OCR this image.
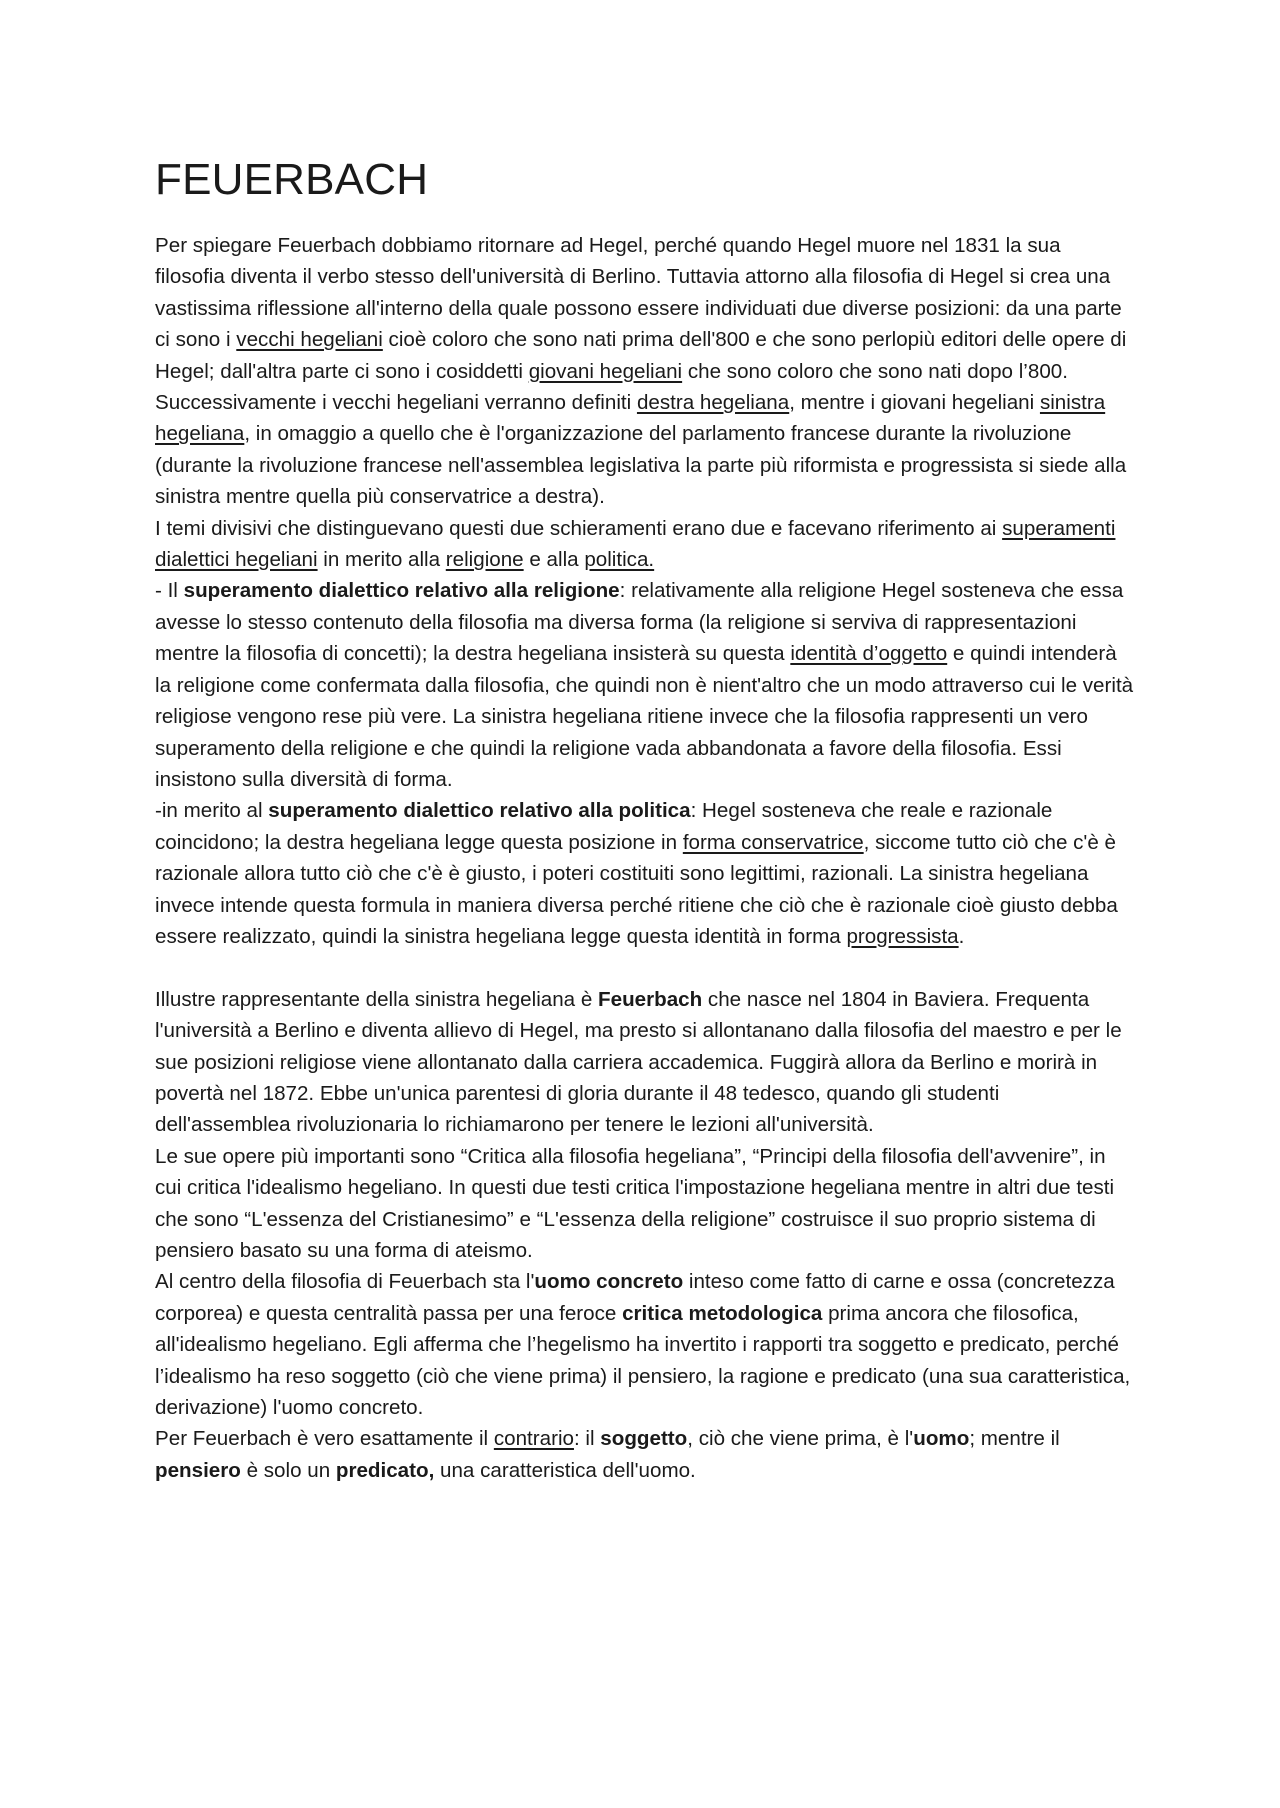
FEUERBACH

Per spiegare Feuerbach dobbiamo ritornare ad Hegel, perché quando Hegel muore nel 1831 la sua filosofia diventa il verbo stesso dell'università di Berlino. Tuttavia attorno alla filosofia di Hegel si crea una vastissima riflessione all'interno della quale possono essere individuati due diverse posizioni: da una parte ci sono i vecchi hegeliani cioè coloro che sono nati prima dell'800 e che sono perlopiù editori delle opere di Hegel; dall'altra parte ci sono i cosiddetti giovani hegeliani che sono coloro che sono nati dopo l’800. Successivamente i vecchi hegeliani verranno definiti destra hegeliana, mentre i giovani hegeliani sinistra hegeliana, in omaggio a quello che è l'organizzazione del parlamento francese durante la rivoluzione (durante la rivoluzione francese nell'assemblea legislativa la parte più riformista e progressista si siede alla sinistra mentre quella più conservatrice a destra).

I temi divisivi che distinguevano questi due schieramenti erano due e facevano riferimento ai superamenti dialettici hegeliani in merito alla religione e alla politica.

- Il superamento dialettico relativo alla religione: relativamente alla religione Hegel sosteneva che essa avesse lo stesso contenuto della filosofia ma diversa forma (la religione si serviva di rappresentazioni mentre la filosofia di concetti); la destra hegeliana insisterà su questa identità d’oggetto e quindi intenderà la religione come confermata dalla filosofia, che quindi non è nient'altro che un modo attraverso cui le verità religiose vengono rese più vere. La sinistra hegeliana ritiene invece che la filosofia rappresenti un vero superamento della religione e che quindi la religione vada abbandonata a favore della filosofia. Essi insistono sulla diversità di forma.

-in merito al superamento dialettico relativo alla politica: Hegel sosteneva che reale e razionale coincidono; la destra hegeliana legge questa posizione in forma conservatrice, siccome tutto ciò che c'è è razionale allora tutto ciò che c'è è giusto, i poteri costituiti sono legittimi, razionali. La sinistra hegeliana invece intende questa formula in maniera diversa perché ritiene che ciò che è razionale cioè giusto debba essere realizzato, quindi la sinistra hegeliana legge questa identità in forma progressista.

Illustre rappresentante della sinistra hegeliana è Feuerbach che nasce nel 1804 in Baviera. Frequenta l'università a Berlino e diventa allievo di Hegel, ma presto si allontanano dalla filosofia del maestro e per le sue posizioni religiose viene allontanato dalla carriera accademica. Fuggirà allora da Berlino e morirà in povertà nel 1872. Ebbe un'unica parentesi di gloria durante il 48 tedesco, quando gli studenti dell'assemblea rivoluzionaria lo richiamarono per tenere le lezioni all'università.

Le sue opere più importanti sono “Critica alla filosofia hegeliana”, “Principi della filosofia dell'avvenire”, in cui critica l'idealismo hegeliano. In questi due testi critica l'impostazione hegeliana mentre in altri due testi che sono “L'essenza del Cristianesimo” e “L'essenza della religione” costruisce il suo proprio sistema di pensiero basato su una forma di ateismo.

Al centro della filosofia di Feuerbach sta l'uomo concreto inteso come fatto di carne e ossa (concretezza corporea) e questa centralità passa per una feroce critica metodologica prima ancora che filosofica, all'idealismo hegeliano. Egli afferma che l’hegelismo ha invertito i rapporti tra soggetto e predicato, perché l’idealismo ha reso soggetto (ciò che viene prima) il pensiero, la ragione e predicato (una sua caratteristica, derivazione) l'uomo concreto.

Per Feuerbach è vero esattamente il contrario: il soggetto, ciò che viene prima, è l'uomo; mentre il pensiero è solo un predicato, una caratteristica dell'uomo.
